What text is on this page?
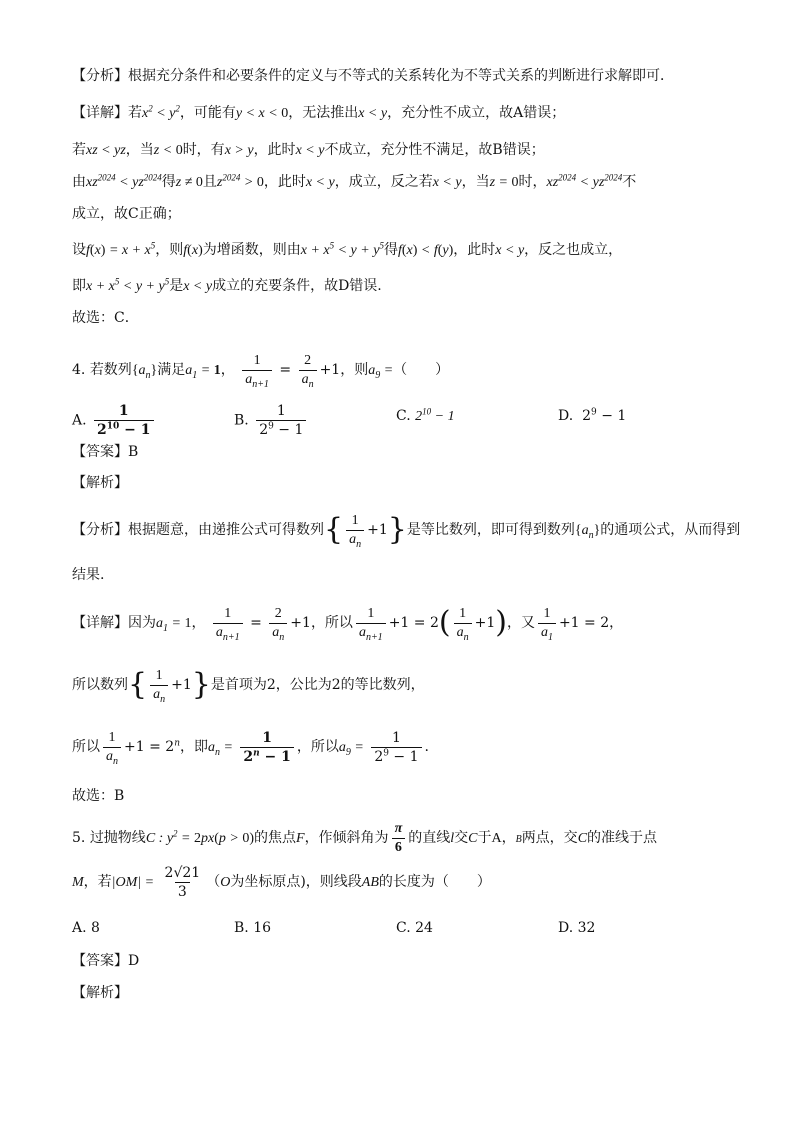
【分析】根据充分条件和必要条件的定义与不等式的关系转化为不等式关系的判断进行求解即可．
【详解】若$x^2 < y^2$，可能有y < x < 0，无法推出x < y，充分性不成立，故A错误；
若xz < yz，当z < 0时，有x > y，此时x < y不成立，充分性不满足，故B错误；
由$xz^{2024} < yz^{2024}$得z ≠ 0且$z^{2024} > 0$，此时x < y，成立，反之若x < y，当z = 0时，$xz^{2024} < yz^{2024}$不
成立，故C正确；
设$f(x) = x + x^5$，则f(x)为增函数，则由$x + x^5 < y + y^5$得f(x) < f(y)，此时x < y，反之也成立，
即$x + x^5 < y + y^5$是x < y成立的充要条件，故D错误.
故选：C．
4. 若数列$\{a_n\}$满足$a_1 = 1$， $\frac{1}{a_{n+1}} = \frac{2}{a_n} +1$，则$a_9$ =（　　）
A. $\frac{1}{2^{10} - 1}$	B. $\frac{1}{2^9 - 1}$	C. $2^{10} - 1$	D. $2^9 - 1$
【答案】B
【解析】
【分析】根据题意，由递推公式可得数列{ $\frac{1}{a_n} +1$}是等比数列，即可得到数列$\{a_n\}$的通项公式，从而得到
结果.
【详解】因为$a_1 = 1$， $\frac{1}{a_{n+1}} = \frac{2}{a_n} +1$，所以 $\frac{1}{a_{n+1}} +1 = 2( \frac{1}{a_n} +1)$，又 $\frac{1}{a_1} +1 = 2$，
所以数列{ $\frac{1}{a_n} +1$}是首项为2，公比为2的等比数列，
所以 $\frac{1}{a_n} +1 = 2^n$，即$a_n = \frac{1}{2^n - 1}$ ，所以$a_9 = \frac{1}{2^9 - 1}$ .
故选：B
5. 过抛物线C : $y^2 = 2px(p > 0)$的焦点F，作倾斜角为 $\frac{\pi}{6}$ 的直线l交C于A，B两点，交C的准线于点
M，若$|OM| = \frac{2√21}{3} (O$为坐标原点)，则线段AB的长度为（　　）
A. 8	B. 16	C. 24	D. 32
【答案】D
【解析】
